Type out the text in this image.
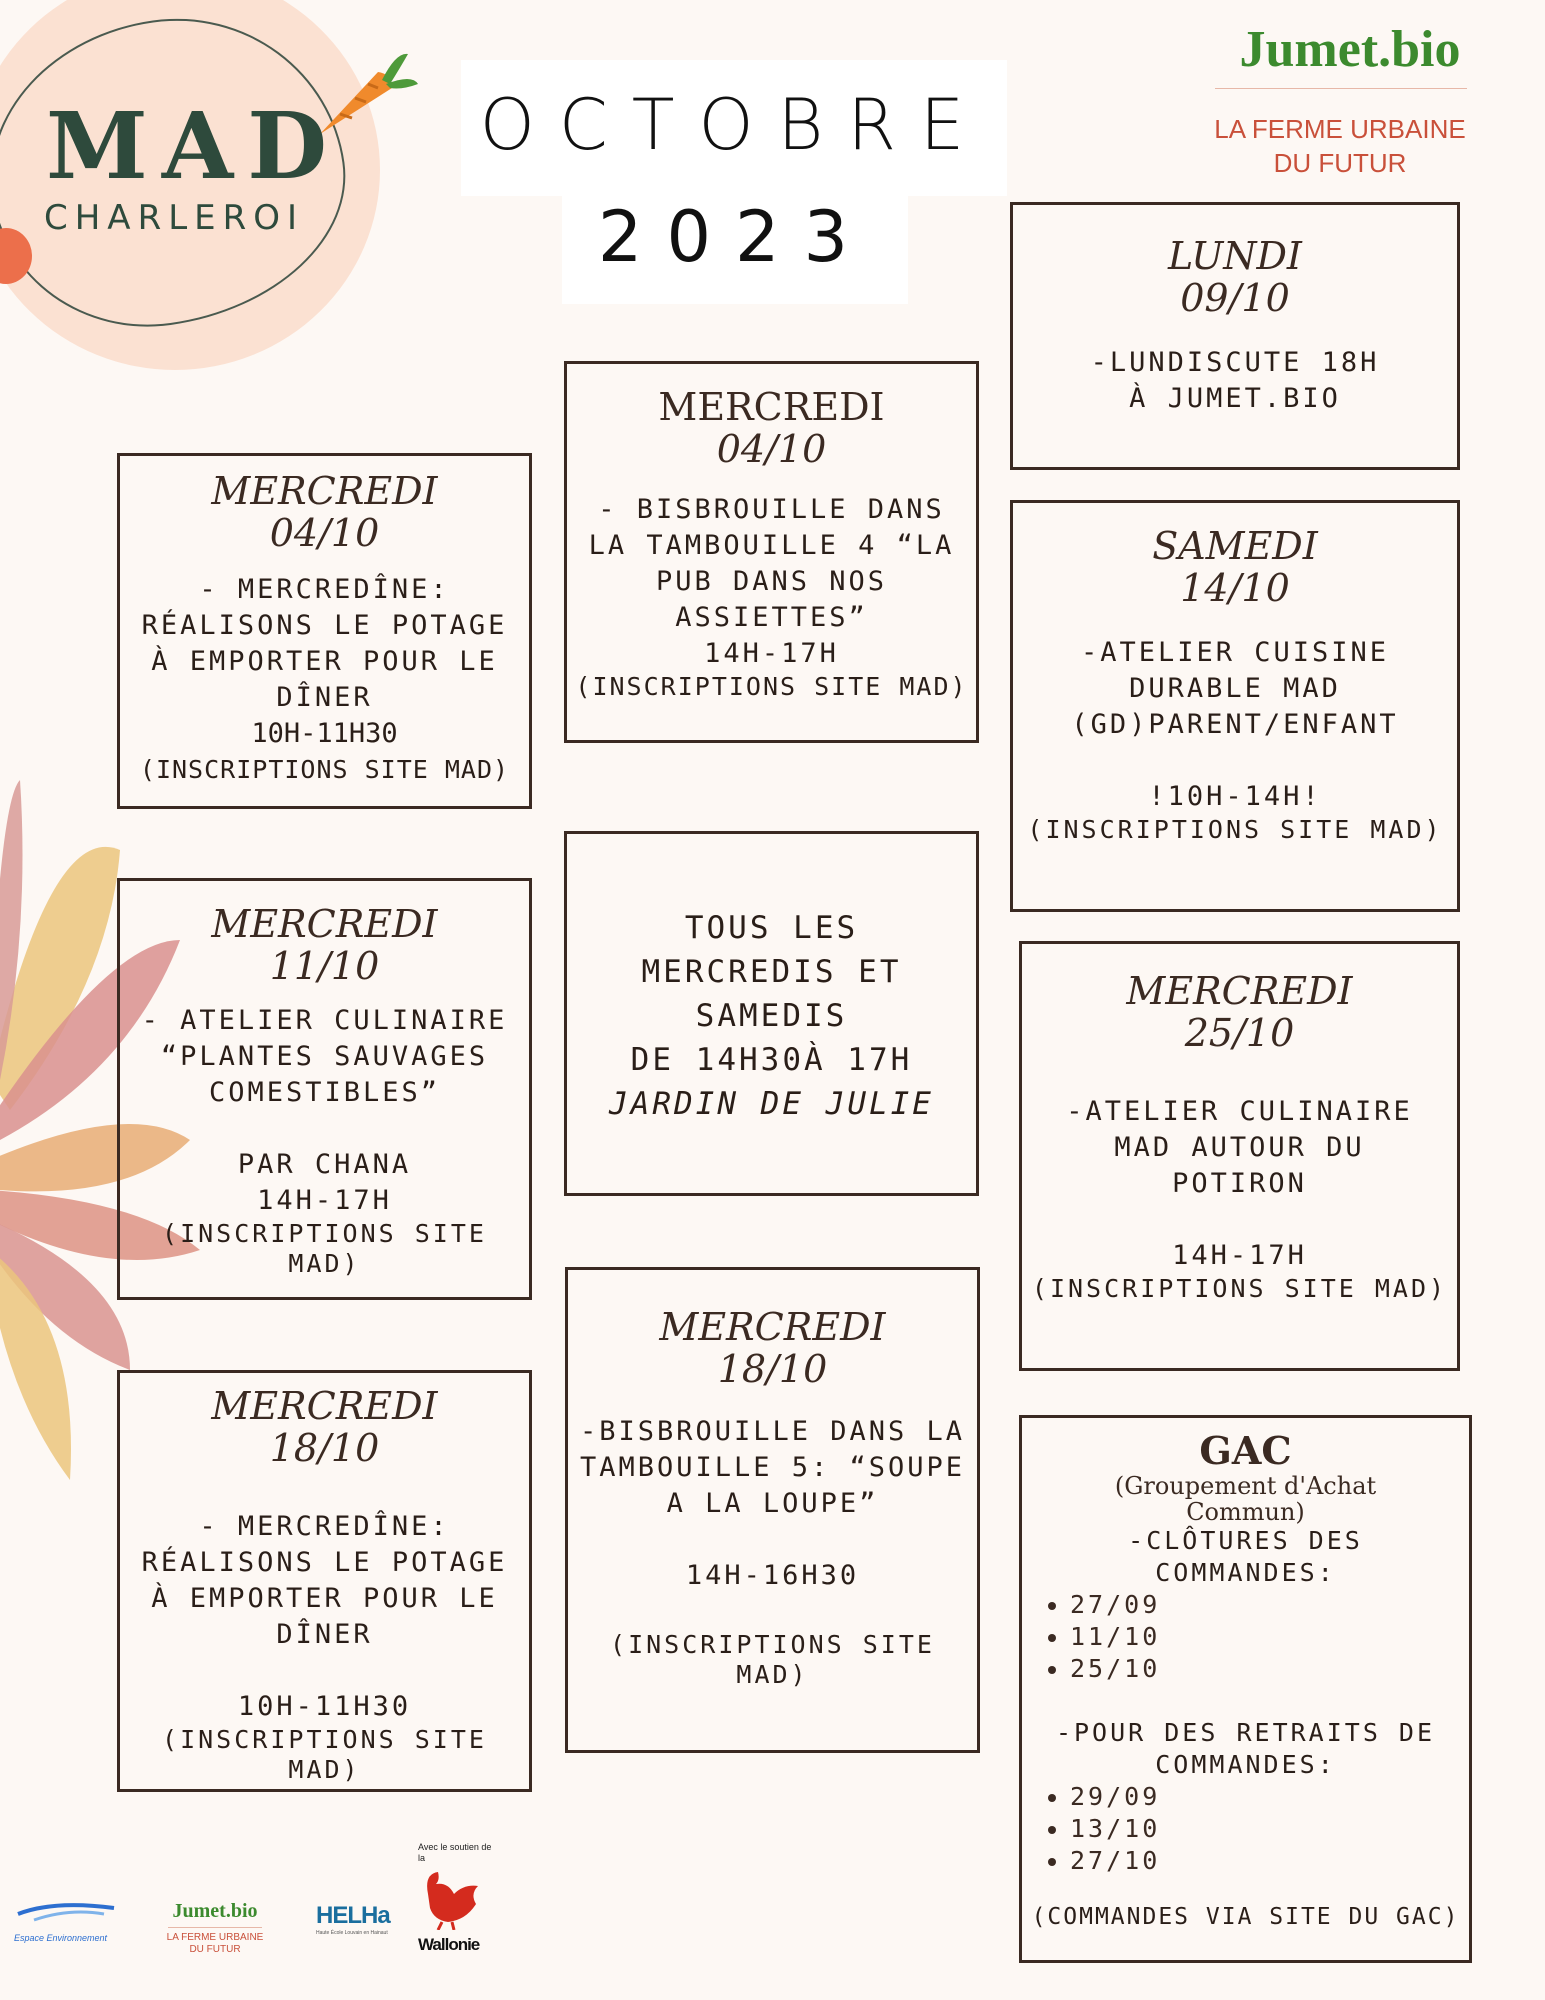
MAD
CHARLEROI
OCTOBRE
2023
Jumet.bio
LA FERME URBAINE
DU FUTUR
MERCREDI
04/10
- MERCREDÎNE:
RÉALISONS LE POTAGE
À EMPORTER POUR LE
DÎNER
10H-11H30
(INSCRIPTIONS SITE MAD)
MERCREDI
04/10
- BISBROUILLE DANS
LA TAMBOUILLE 4 “LA
PUB DANS NOS
ASSIETTES”
14H-17H
(INSCRIPTIONS SITE MAD)
LUNDI
09/10
-LUNDISCUTE 18H
À JUMET.BIO
SAMEDI
14/10
-ATELIER CUISINE
DURABLE MAD
(GD)PARENT/ENFANT
!10H-14H!
(INSCRIPTIONS SITE MAD)
MERCREDI
11/10
- ATELIER CULINAIRE
“PLANTES SAUVAGES
COMESTIBLES”
PAR CHANA
14H-17H
(INSCRIPTIONS SITE MAD)
TOUS LES
MERCREDIS ET
SAMEDIS
DE 14H30À 17H
JARDIN DE JULIE
MERCREDI
25/10
-ATELIER CULINAIRE
MAD AUTOUR DU
POTIRON
14H-17H
(INSCRIPTIONS SITE MAD)
MERCREDI
18/10
- MERCREDÎNE:
RÉALISONS LE POTAGE
À EMPORTER POUR LE
DÎNER
10H-11H30
(INSCRIPTIONS SITE MAD)
MERCREDI
18/10
-BISBROUILLE DANS LA
TAMBOUILLE 5: “SOUPE
A LA LOUPE”
14H-16H30
(INSCRIPTIONS SITE MAD)
GAC
(Groupement d'Achat
Commun)
-CLÔTURES DES
COMMANDES:
• 27/09
• 11/10
• 25/10
-POUR DES RETRAITS DE
COMMANDES:
• 29/09
• 13/10
• 27/10
(COMMANDES VIA SITE DU GAC)
Espace Environnement
Jumet.bio
LA FERME URBAINE
DU FUTUR
HELHa
Haute École Louvain en Hainaut
Avec le soutien de la
Wallonie
